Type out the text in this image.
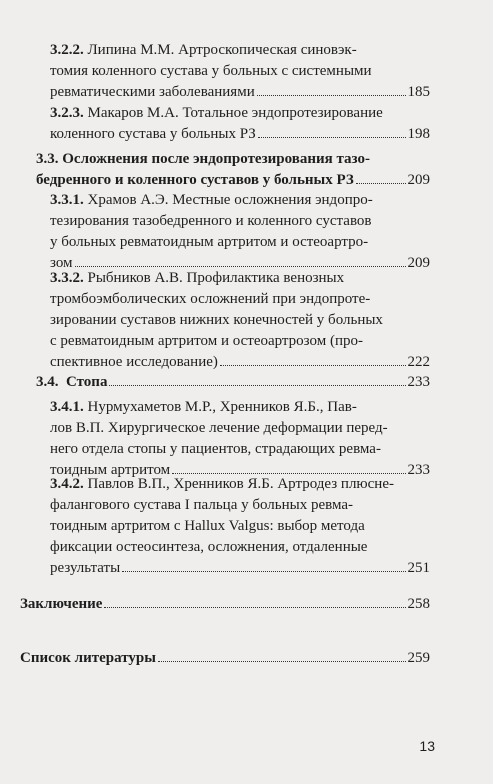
3.2.2. Липина М.М. Артроскопическая синовэк-
томия коленного сустава у больных с системными
ревматическими заболеваниями	185
3.2.3. Макаров М.А. Тотальное эндопротезирование
коленного сустава у больных РЗ	198
3.3. Осложнения после эндопротезирования тазо-
бедренного и коленного суставов у больных РЗ	209
3.3.1. Храмов А.Э. Местные осложнения эндопро-
тезирования тазобедренного и коленного суставов
у больных ревматоидным артритом и остеоартро-
зом	209
3.3.2. Рыбников А.В. Профилактика венозных
тромбоэмболических осложнений при эндопроте-
зировании суставов нижних конечностей у больных
с ревматоидным артритом и остеоартрозом (про-
спективное исследование)	222
3.4.
Стопа	233
3.4.1. Нурмухаметов М.Р., Хренников Я.Б., Пав-
лов В.П. Хирургическое лечение деформации перед-
него отдела стопы у пациентов, страдающих ревма-
тоидным артритом	233
3.4.2. Павлов В.П., Хренников Я.Б. Артродез плюсне-
фалангового сустава I пальца у больных ревма-
тоидным артритом с Hallux Valgus: выбор метода
фиксации остеосинтеза, осложнения, отдаленные
результаты	251
Заключение	258
Список литературы	259
13
